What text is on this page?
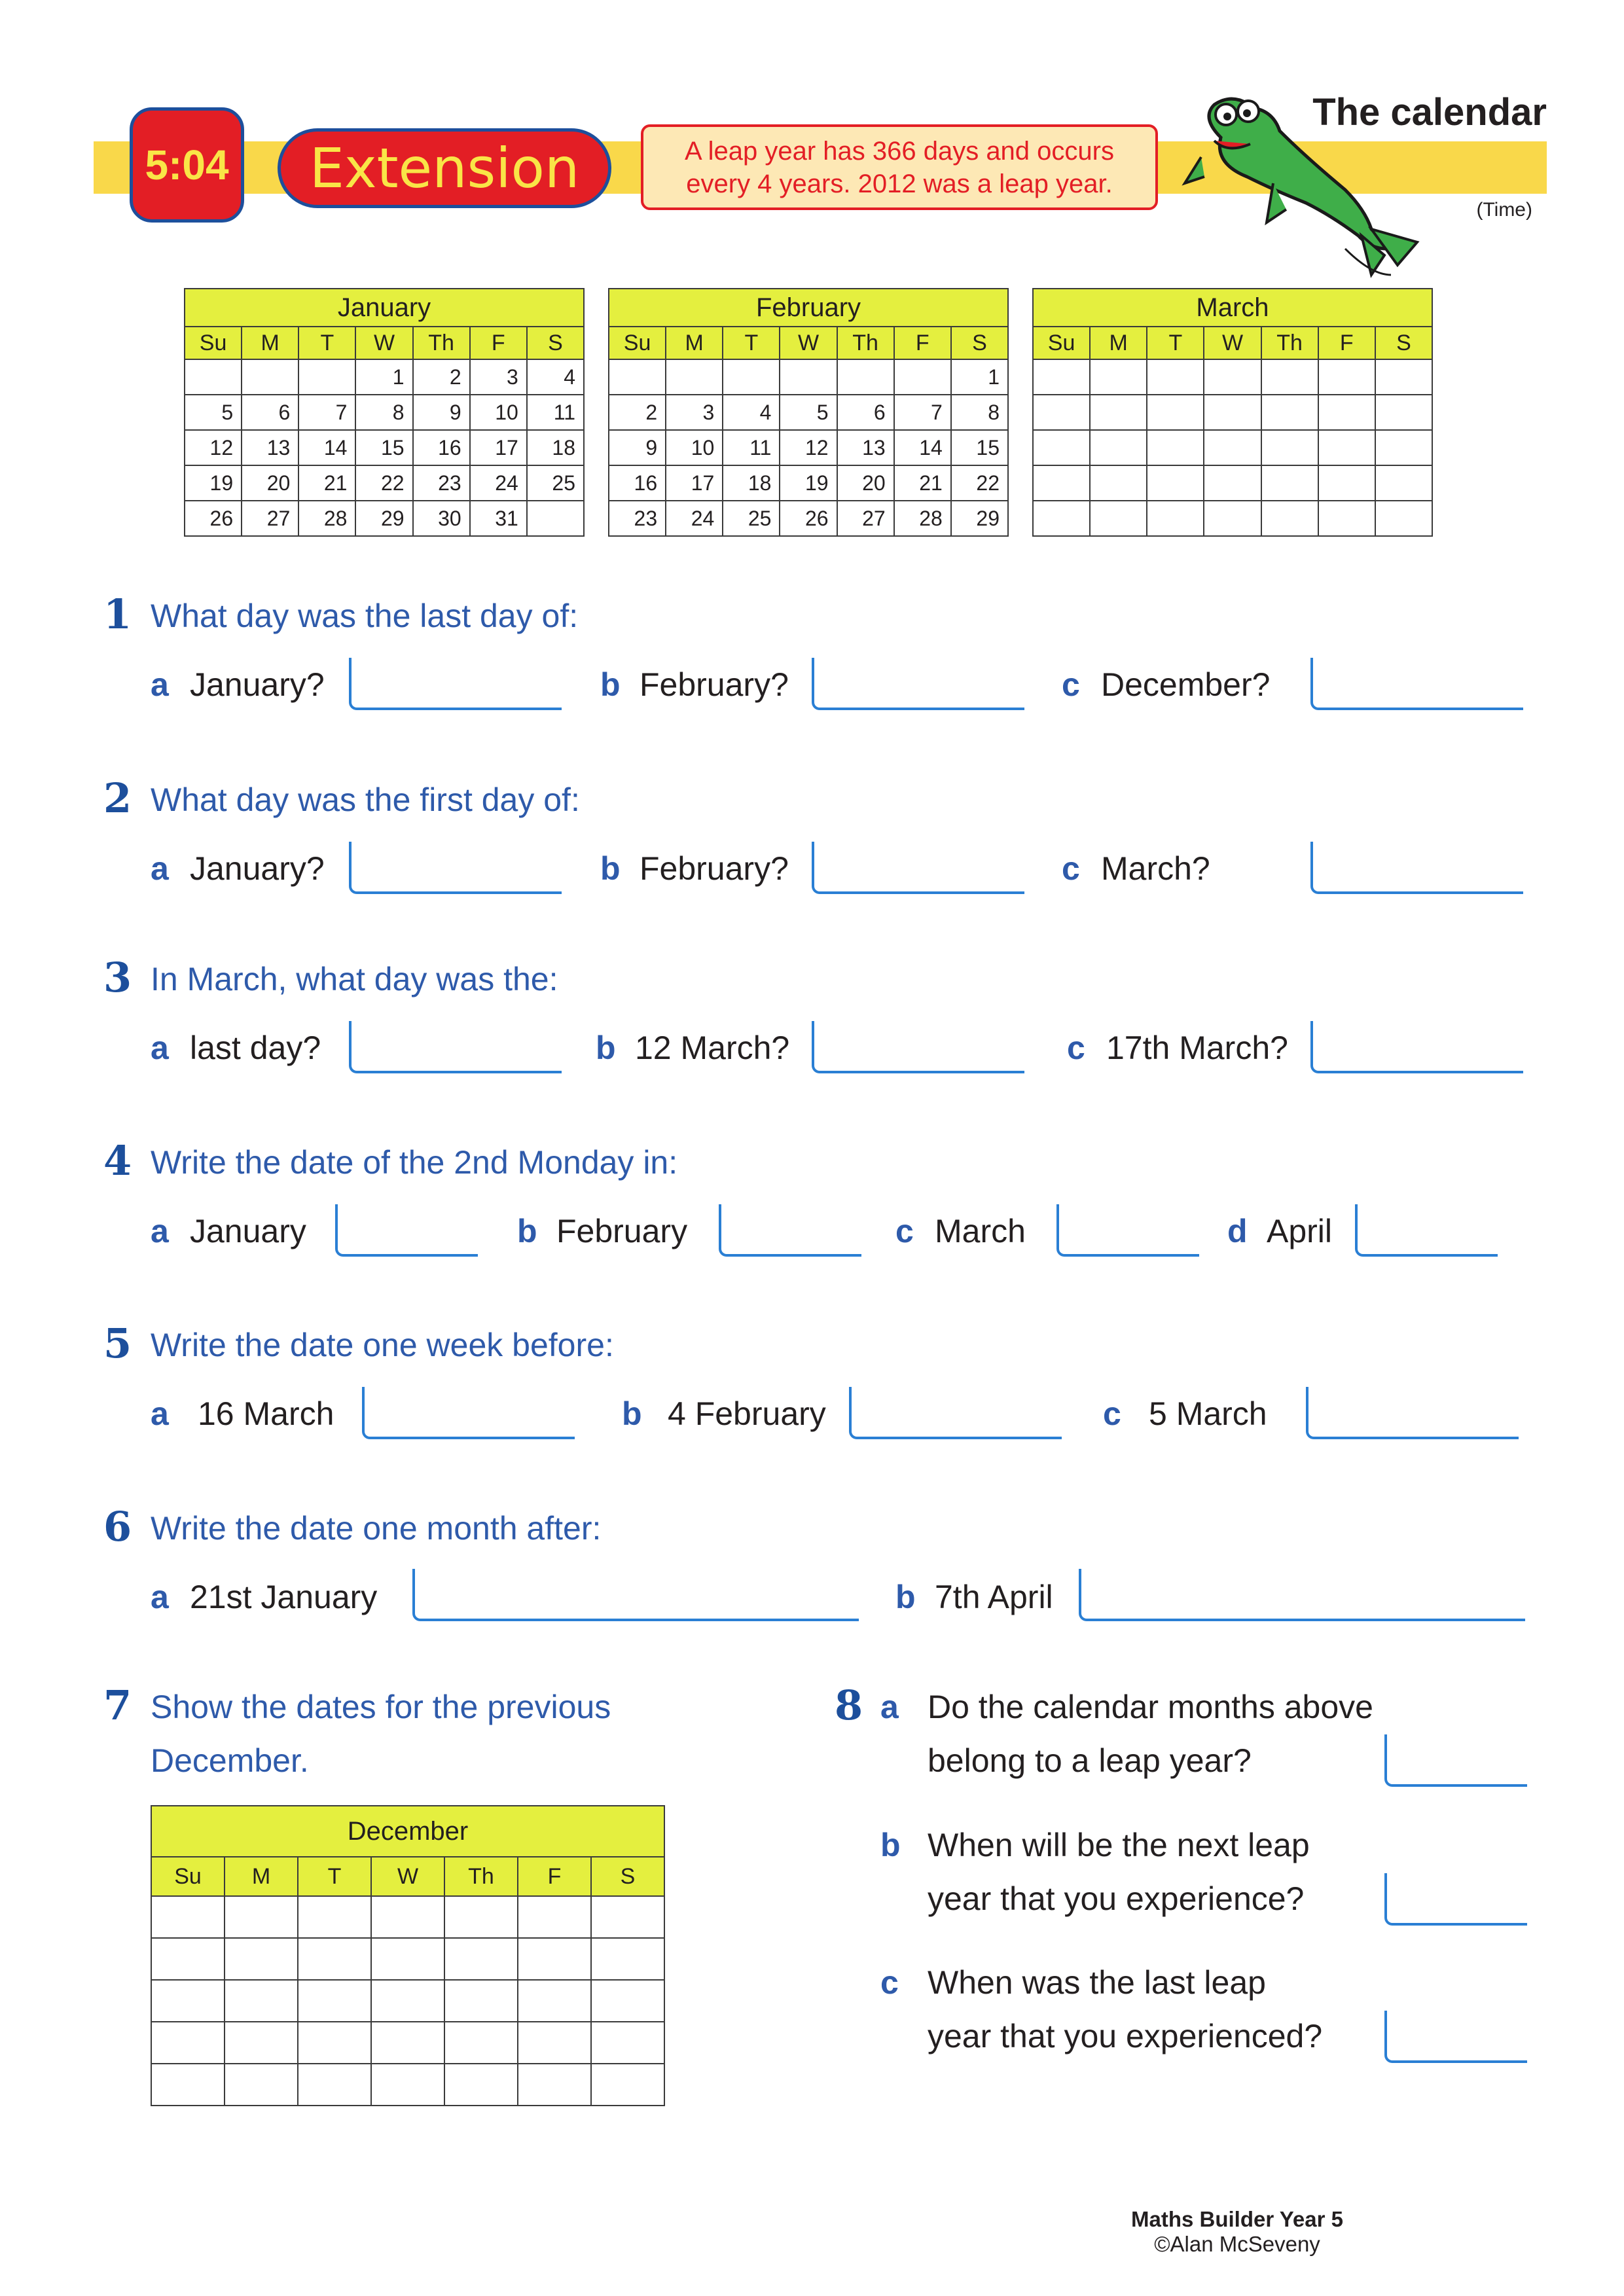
5:04 Extension	A leap year has 366 days and occurs
every 4 years. 2012 was a leap year.
The calendar
(Time)
January						
Su	M	T	W	Th	F	S
			1	2	3	4
5	6	7	8	9	10	11
12	13	14	15	16	17	18
19	20	21	22	23	24	25
26	27	28	29	30	31	
February						
Su	M	T	W	Th	F	S
						1
2	3	4	5	6	7	8
9	10	11	12	13	14	15
16	17	18	19	20	21	22
23	24	25	26	27	28	29
March						
Su	M	T	W	Th	F	S

1 What day was the last day of:
a January?	b February?	c December?
2 What day was the first day of:
a January?	b February?	c March?
3 In March, what day was the:
a last day?	b 12 March?	c 17th March?
4 Write the date of the 2nd Monday in:
a January	b February	c March	d April
5 Write the date one week before:
a 16 March	b 4 February	c 5 March
6 Write the date one month after:
a 21st January	b 7th April
7 Show the dates for the previous
December.
December						
Su	M	T	W	Th	F	S

8 a Do the calendar months above
belong to a leap year?
b When will be the next leap
year that you experience?
c When was the last leap
year that you experienced?
Maths Builder Year 5
©Alan McSeveny
